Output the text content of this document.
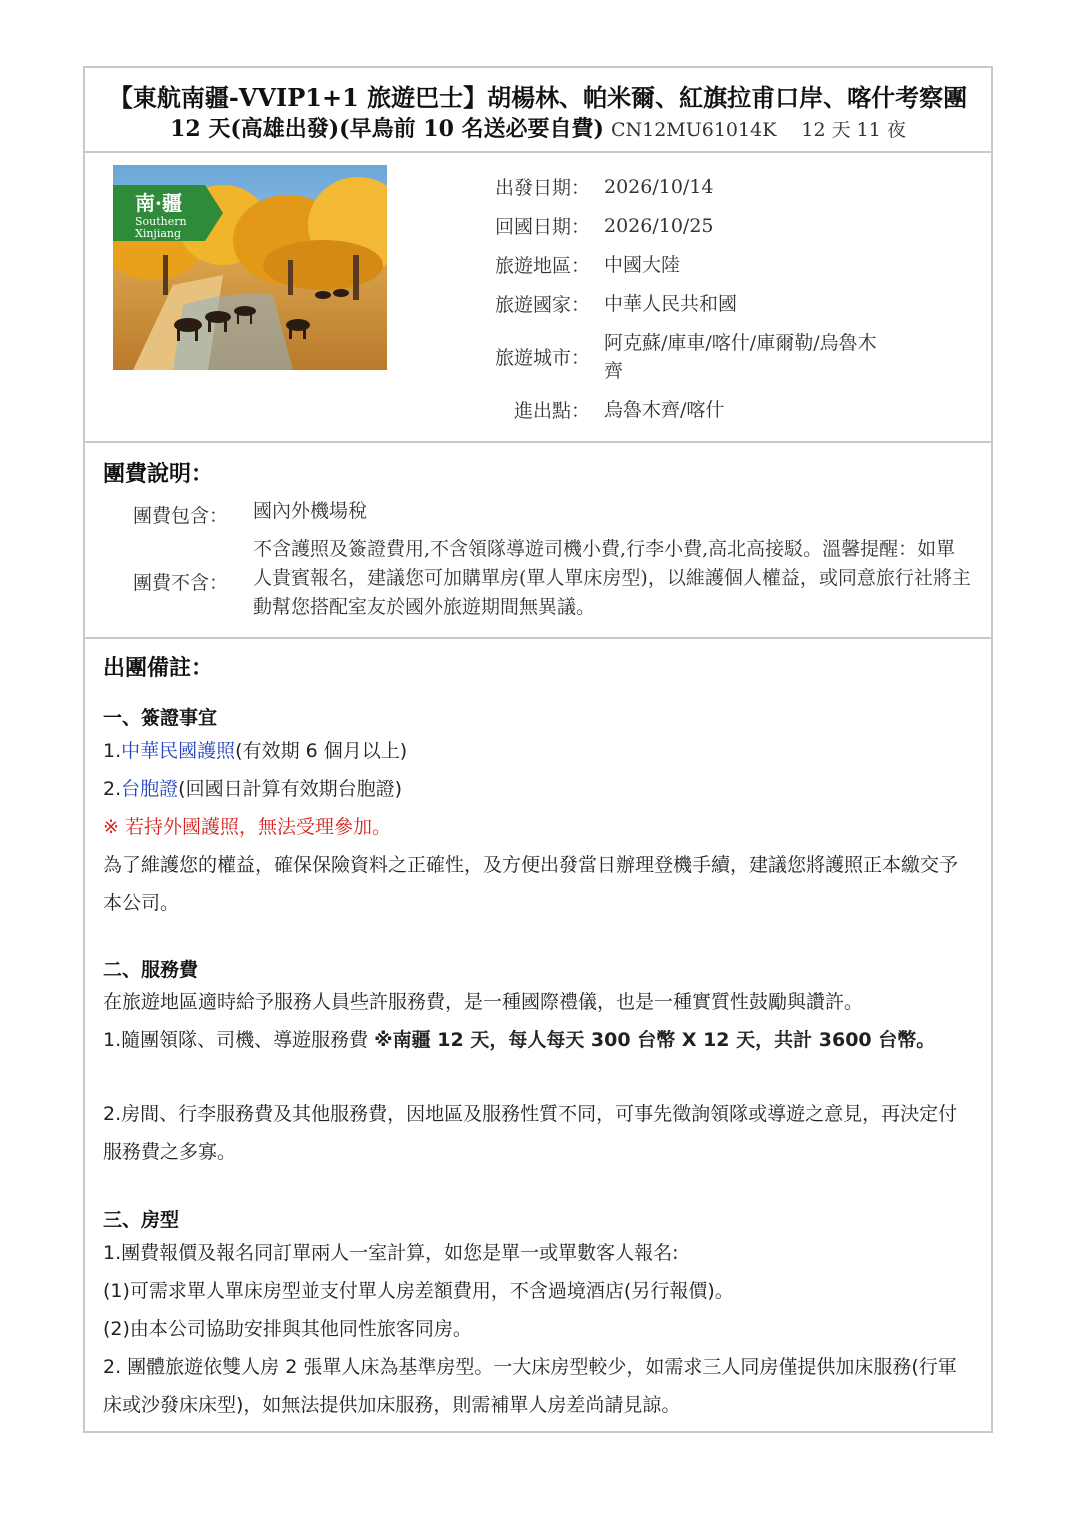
【東航南疆-VVIP1+1 旅遊巴士】胡楊林、帕米爾、紅旗拉甫口岸、喀什考察團
12 天(高雄出發)(早鳥前 10 名送必要自費) CN12MU61014K 12 天 11 夜
南·疆
Southern
Xinjiang
出發日期： 2026/10/14
回國日期： 2026/10/25
旅遊地區： 中國大陸
旅遊國家： 中華人民共和國
旅遊城市：
阿克蘇/庫車/喀什/庫爾勒/烏魯木齊
進出點： 烏魯木齊/喀什
團費說明：
團費包含： 國內外機場稅
團費不含：
不含護照及簽證費用,不含領隊導遊司機小費,行李小費,高北高接駁。溫馨提醒：如單人貴賓報名，建議您可加購單房(單人單床房型)，以維護個人權益，或同意旅行社將主動幫您搭配室友於國外旅遊期間無異議。
出團備註：
一、簽證事宜
1.中華民國護照(有效期 6 個月以上)
2.台胞證(回國日計算有效期台胞證)
※ 若持外國護照，無法受理參加。
為了維護您的權益，確保保險資料之正確性，及方便出發當日辦理登機手續，建議您將護照正本繳交予本公司。
二、服務費
在旅遊地區適時給予服務人員些許服務費，是一種國際禮儀，也是一種實質性鼓勵與讚許。
1.隨團領隊、司機、導遊服務費 ※南疆 12 天，每人每天 300 台幣 X 12 天，共計 3600 台幣。
2.房間、行李服務費及其他服務費，因地區及服務性質不同，可事先徵詢領隊或導遊之意見，再決定付服務費之多寡。
三、房型
1.團費報價及報名同訂單兩人一室計算，如您是單一或單數客人報名:
(1)可需求單人單床房型並支付單人房差額費用，不含過境酒店(另行報價)。
(2)由本公司協助安排與其他同性旅客同房。
2. 團體旅遊依雙人房 2 張單人床為基準房型。一大床房型較少，如需求三人同房僅提供加床服務(行軍床或沙發床床型)，如無法提供加床服務，則需補單人房差尚請見諒。
